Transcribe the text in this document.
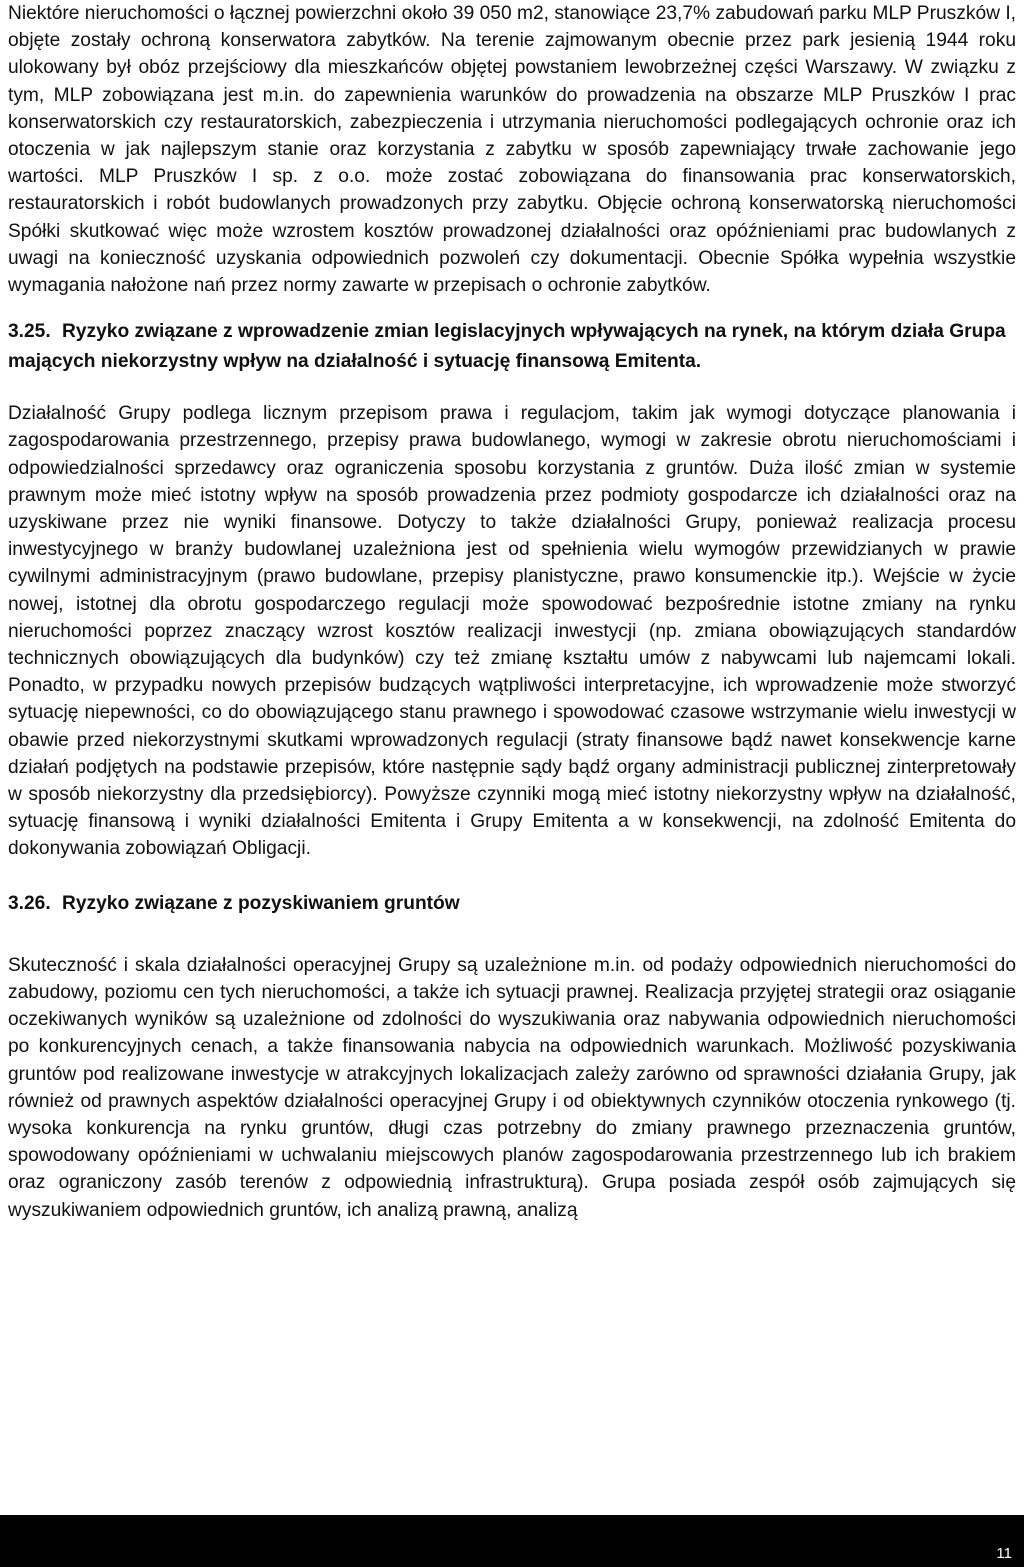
Niektóre nieruchomości o łącznej powierzchni około 39 050 m2, stanowiące 23,7% zabudowań parku MLP Pruszków I, objęte zostały ochroną konserwatora zabytków. Na terenie zajmowanym obecnie przez park jesienią 1944 roku ulokowany był obóz przejściowy dla mieszkańców objętej powstaniem lewobrzeżnej części Warszawy. W związku z tym, MLP zobowiązana jest m.in. do zapewnienia warunków do prowadzenia na obszarze MLP Pruszków I prac konserwatorskich czy restauratorskich, zabezpieczenia i utrzymania nieruchomości podlegających ochronie oraz ich otoczenia w jak najlepszym stanie oraz korzystania z zabytku w sposób zapewniający trwałe zachowanie jego wartości. MLP Pruszków I sp. z o.o. może zostać zobowiązana do finansowania prac konserwatorskich, restauratorskich i robót budowlanych prowadzonych przy zabytku. Objęcie ochroną konserwatorską nieruchomości Spółki skutkować więc może wzrostem kosztów prowadzonej działalności oraz opóźnieniami prac budowlanych z uwagi na konieczność uzyskania odpowiednich pozwoleń czy dokumentacji. Obecnie Spółka wypełnia wszystkie wymagania nałożone nań przez normy zawarte w przepisach o ochronie zabytków.

3.25. Ryzyko związane z wprowadzenie zmian legislacyjnych wpływających na rynek, na którym działa Grupa mających niekorzystny wpływ na działalność i sytuację finansową Emitenta.

Działalność Grupy podlega licznym przepisom prawa i regulacjom, takim jak wymogi dotyczące planowania i zagospodarowania przestrzennego, przepisy prawa budowlanego, wymogi w zakresie obrotu nieruchomościami i odpowiedzialności sprzedawcy oraz ograniczenia sposobu korzystania z gruntów. Duża ilość zmian w systemie prawnym może mieć istotny wpływ na sposób prowadzenia przez podmioty gospodarcze ich działalności oraz na uzyskiwane przez nie wyniki finansowe. Dotyczy to także działalności Grupy, ponieważ realizacja procesu inwestycyjnego w branży budowlanej uzależniona jest od spełnienia wielu wymogów przewidzianych w prawie cywilnymi administracyjnym (prawo budowlane, przepisy planistyczne, prawo konsumenckie itp.). Wejście w życie nowej, istotnej dla obrotu gospodarczego regulacji może spowodować bezpośrednie istotne zmiany na rynku nieruchomości poprzez znaczący wzrost kosztów realizacji inwestycji (np. zmiana obowiązujących standardów technicznych obowiązujących dla budynków) czy też zmianę kształtu umów z nabywcami lub najemcami lokali. Ponadto, w przypadku nowych przepisów budzących wątpliwości interpretacyjne, ich wprowadzenie może stworzyć sytuację niepewności, co do obowiązującego stanu prawnego i spowodować czasowe wstrzymanie wielu inwestycji w obawie przed niekorzystnymi skutkami wprowadzonych regulacji (straty finansowe bądź nawet konsekwencje karne działań podjętych na podstawie przepisów, które następnie sądy bądź organy administracji publicznej zinterpretowały w sposób niekorzystny dla przedsiębiorcy). Powyższe czynniki mogą mieć istotny niekorzystny wpływ na działalność, sytuację finansową i wyniki działalności Emitenta i Grupy Emitenta a w konsekwencji, na zdolność Emitenta do dokonywania zobowiązań Obligacji.

3.26. Ryzyko związane z pozyskiwaniem gruntów

Skuteczność i skala działalności operacyjnej Grupy są uzależnione m.in. od podaży odpowiednich nieruchomości do zabudowy, poziomu cen tych nieruchomości, a także ich sytuacji prawnej. Realizacja przyjętej strategii oraz osiąganie oczekiwanych wyników są uzależnione od zdolności do wyszukiwania oraz nabywania odpowiednich nieruchomości po konkurencyjnych cenach, a także finansowania nabycia na odpowiednich warunkach. Możliwość pozyskiwania gruntów pod realizowane inwestycje w atrakcyjnych lokalizacjach zależy zarówno od sprawności działania Grupy, jak również od prawnych aspektów działalności operacyjnej Grupy i od obiektywnych czynników otoczenia rynkowego (tj. wysoka konkurencja na rynku gruntów, długi czas potrzebny do zmiany prawnego przeznaczenia gruntów, spowodowany opóźnieniami w uchwalaniu miejscowych planów zagospodarowania przestrzennego lub ich brakiem oraz ograniczony zasób terenów z odpowiednią infrastrukturą). Grupa posiada zespół osób zajmujących się wyszukiwaniem odpowiednich gruntów, ich analizą prawną, analizą

11
